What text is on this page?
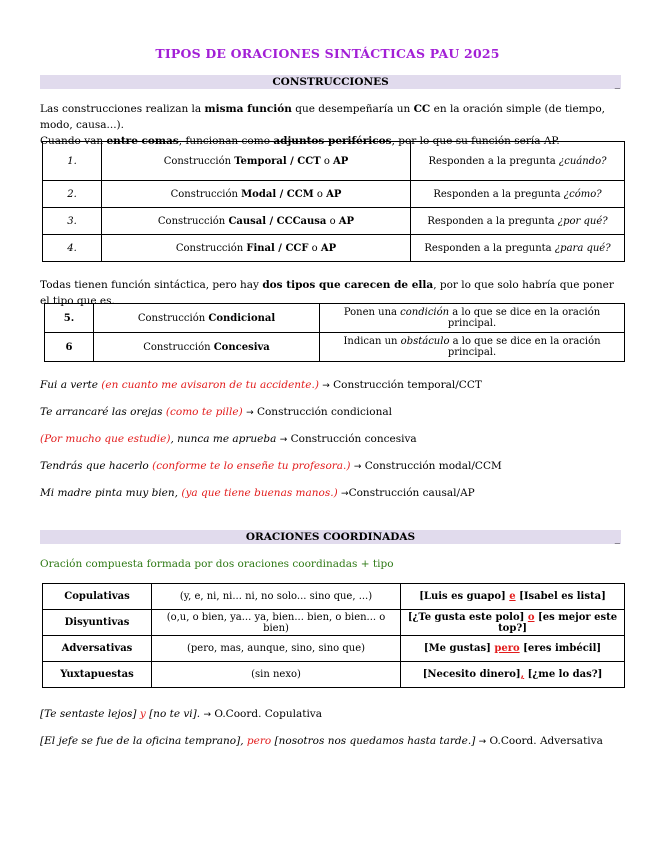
TIPOS DE ORACIONES SINTÁCTICAS PAU 2025
CONSTRUCCIONES	_
Las construcciones realizan la misma función que desempeñaría un CC en la oración simple (de tiempo, modo, causa...).
Cuando van entre comas, funcionan como adjuntos periféricos, por lo que su función sería AP.
1.	Construcción Temporal / CCT o AP	Responden a la pregunta ¿cuándo?
2.	Construcción Modal / CCM o AP	Responden a la pregunta ¿cómo?
3.	Construcción Causal / CCCausa o AP	Responden a la pregunta ¿por qué?
4.	Construcción Final / CCF o AP	Responden a la pregunta ¿para qué?
Todas tienen función sintáctica, pero hay dos tipos que carecen de ella, por lo que solo habría que poner el tipo que es.
5.	Construcción Condicional	Ponen una condición a lo que se dice en la oración principal.
6	Construcción Concesiva	Indican un obstáculo a lo que se dice en la oración principal.
Fui a verte (en cuanto me avisaron de tu accidente.) → Construcción temporal/CCT
Te arrancaré las orejas (como te pille) → Construcción condicional
(Por mucho que estudie), nunca me aprueba → Construcción concesiva
Tendrás que hacerlo (conforme te lo enseñe tu profesora.) → Construcción modal/CCM
Mi madre pinta muy bien, (ya que tiene buenas manos.) →Construcción causal/AP
ORACIONES COORDINADAS	_
Oración compuesta formada por dos oraciones coordinadas + tipo
Copulativas	(y, e, ni, ni... ni, no solo... sino que, ...)	[Luis es guapo] e [Isabel es lista]
Disyuntivas	(o,u, o bien, ya... ya, bien... bien, o bien... o bien)	[¿Te gusta este polo] o [es mejor este top?]
Adversativas	(pero, mas, aunque, sino, sino que)	[Me gustas] pero [eres imbécil]
Yuxtapuestas	(sin nexo)	[Necesito dinero], [¿me lo das?]
[Te sentaste lejos] y [no te vi]. → O.Coord. Copulativa
[El jefe se fue de la oficina temprano], pero [nosotros nos quedamos hasta tarde.] → O.Coord. Adversativa
